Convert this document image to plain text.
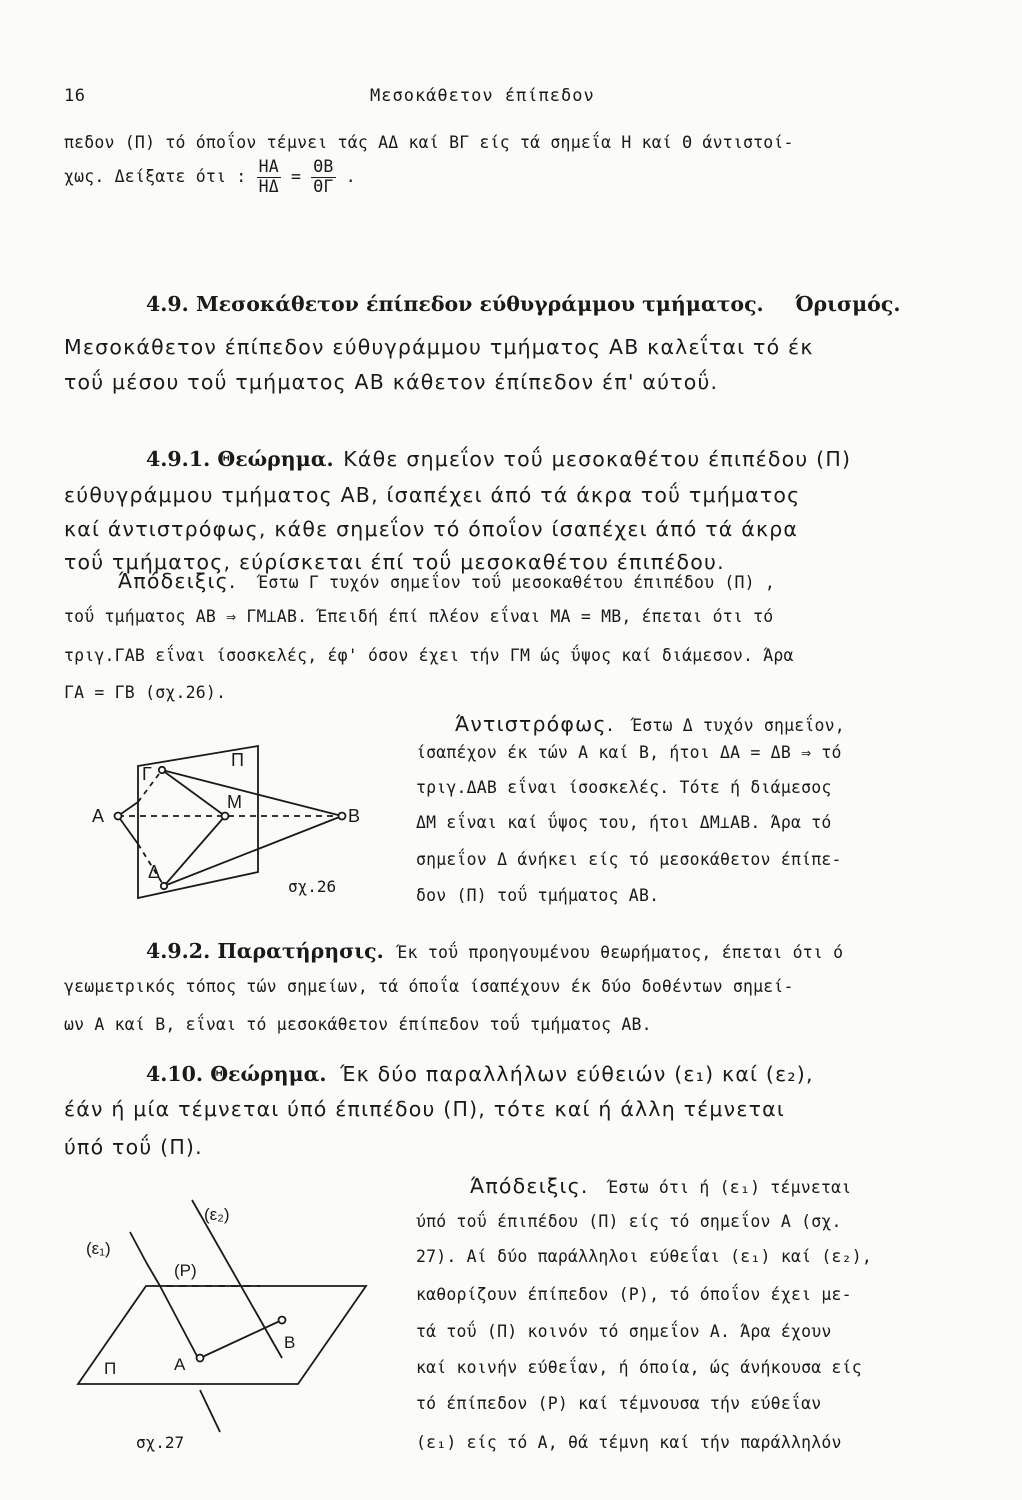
16	Μεσοκάθετον έπίπεδον
πεδον (Π) τό όποΐον τέμνει τάς ΑΔ καί ΒΓ είς τά σημεΐα Η καί Θ άντιστοί-
χως. Δείξατε ότι : $\frac{HA}{H\Delta} = \frac{\Theta B}{\Theta\Gamma}$ .
4.9. Μεσοκάθετον έπίπεδον εύθυγράμμου τμήματος. Όρισμός.
Μεσοκάθετον έπίπεδον εύθυγράμμου τμήματος ΑΒ καλεΐται τό έκ
τοΰ μέσου τοΰ τμήματος ΑΒ κάθετον έπίπεδον έπ' αύτοΰ.
4.9.1. Θεώρημα. Κάθε σημεΐον τοΰ μεσοκαθέτου έπιπέδου (Π)
εύθυγράμμου τμήματος ΑΒ, ίσαπέχει άπό τά άκρα τοΰ τμήματος
καί άντιστρόφως, κάθε σημεΐον τό όποΐον ίσαπέχει άπό τά άκρα
τοΰ τμήματος, εύρίσκεται έπί τοΰ μεσοκαθέτου έπιπέδου.
Άπόδειξις. Έστω Γ τυχόν σημεΐον τοΰ μεσοκαθέτου έπιπέδου (Π) ,
τοΰ τμήματος ΑΒ ⇒ ΓΜ⊥ΑΒ. Έπειδή έπί πλέον εΐναι ΜΑ = ΜΒ, έπεται ότι τό
τριγ.ΓΑΒ εΐναι ίσοσκελές, έφ' όσον έχει τήν ΓΜ ώς ΰψος καί διάμεσον. Άρα
ΓΑ = ΓΒ (σχ.26).
Άντιστρόφως. Έστω Δ τυχόν σημεΐον,
ίσαπέχον έκ τών Α καί Β, ήτοι ΔΑ = ΔΒ ⇒ τό
τριγ.ΔΑΒ εΐναι ίσοσκελές. Τότε ή διάμεσος
ΔΜ εΐναι καί ΰψος του, ήτοι ΔΜ⊥ΑΒ. Άρα τό
σημεΐον Δ άνήκει είς τό μεσοκάθετον έπίπε-
δον (Π) τοΰ τμήματος ΑΒ.
Π
Γ
Μ
Α	Β
Δ
σχ.26
4.9.2. Παρατήρησις. Έκ τοΰ προηγουμένου θεωρήματος, έπεται ότι ό
γεωμετρικός τόπος τών σημείων, τά όποΐα ίσαπέχουν έκ δύο δοθέντων σημεί-
ων Α καί Β, εΐναι τό μεσοκάθετον έπίπεδον τοΰ τμήματος ΑΒ.
4.10. Θεώρημα. Έκ δύο παραλλήλων εύθειών (ε₁) καί (ε₂),
έάν ή μία τέμνεται ύπό έπιπέδου (Π), τότε καί ή άλλη τέμνεται
ύπό τοΰ (Π).
Άπόδειξις. Έστω ότι ή (ε₁) τέμνεται
ύπό τοΰ έπιπέδου (Π) είς τό σημεΐον Α (σχ.
27). Αί δύο παράλληλοι εύθεΐαι (ε₁) καί (ε₂),
καθορίζουν έπίπεδον (Ρ), τό όποΐον έχει με-
τά τοΰ (Π) κοινόν τό σημεΐον Α. Άρα έχουν
καί κοινήν εύθεΐαν, ή όποία, ώς άνήκουσα είς
τό έπίπεδον (Ρ) καί τέμνουσα τήν εύθεΐαν
(ε₁) είς τό Α, θά τέμνη καί τήν παράλληλόν
(ε₂)
(ε₁)
(Ρ)
Β
Π	Α
σχ.27
